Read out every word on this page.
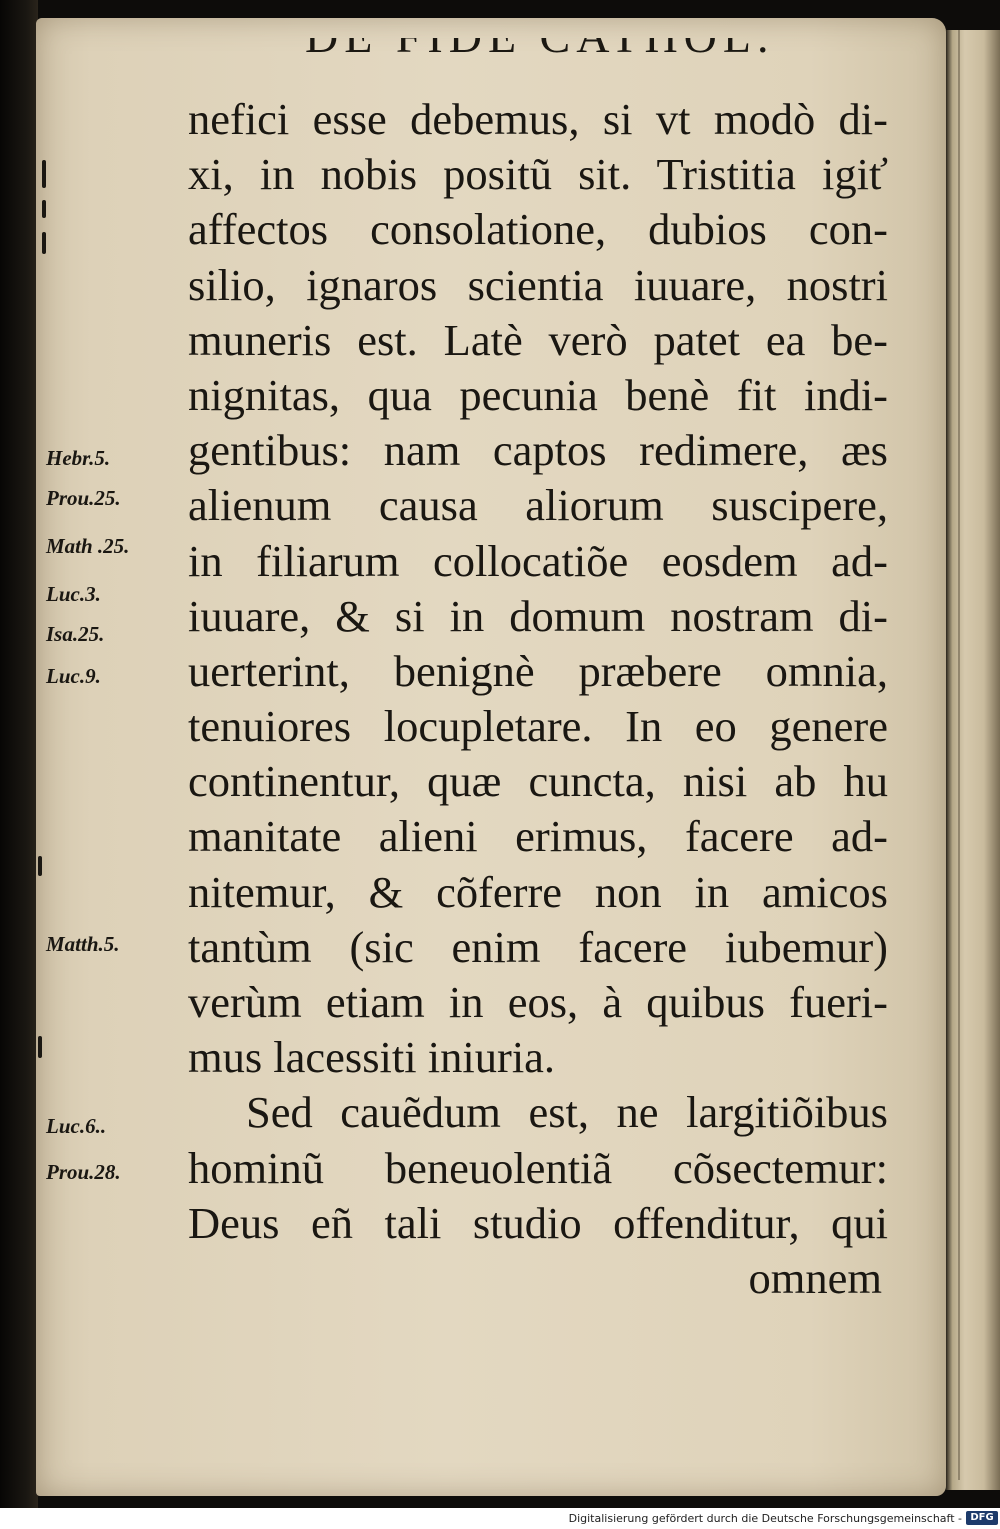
Hebr.5.
Prou.25.
Math .25.
Luc.3.
Isa.25.
Luc.9.
Matth.5.
Luc.6..
Prou.28.
nefici esse debemus, si vt modò di-
xi, in nobis positũ sit. Tristitia igiť
affectos consolatione, dubios con-
silio, ignaros scientia iuuare, nostri
muneris est. Latè verò patet ea be-
nignitas, qua pecunia benè fit indi-
gentibus: nam captos redimere, æs
alienum causa aliorum suscipere,
in filiarum collocatiõe eosdem ad-
iuuare, & si in domum nostram di-
uerterint, benignè præbere omnia,
tenuiores locupletare. In eo genere
continentur, quæ cuncta, nisi ab hu
manitate alieni erimus, facere ad-
nitemur, & cõferre non in amicos
tantùm (sic enim facere iubemur)
verùm etiam in eos, à quibus fueri-
mus lacessiti iniuria.
Sed cauẽdum est, ne largitiõibus
hominũ beneuolentiã cõsectemur:
Deus eñ tali studio offenditur, qui
omnem
Digitalisierung gefördert durch die Deutsche Forschungsgemeinschaft - DFG
